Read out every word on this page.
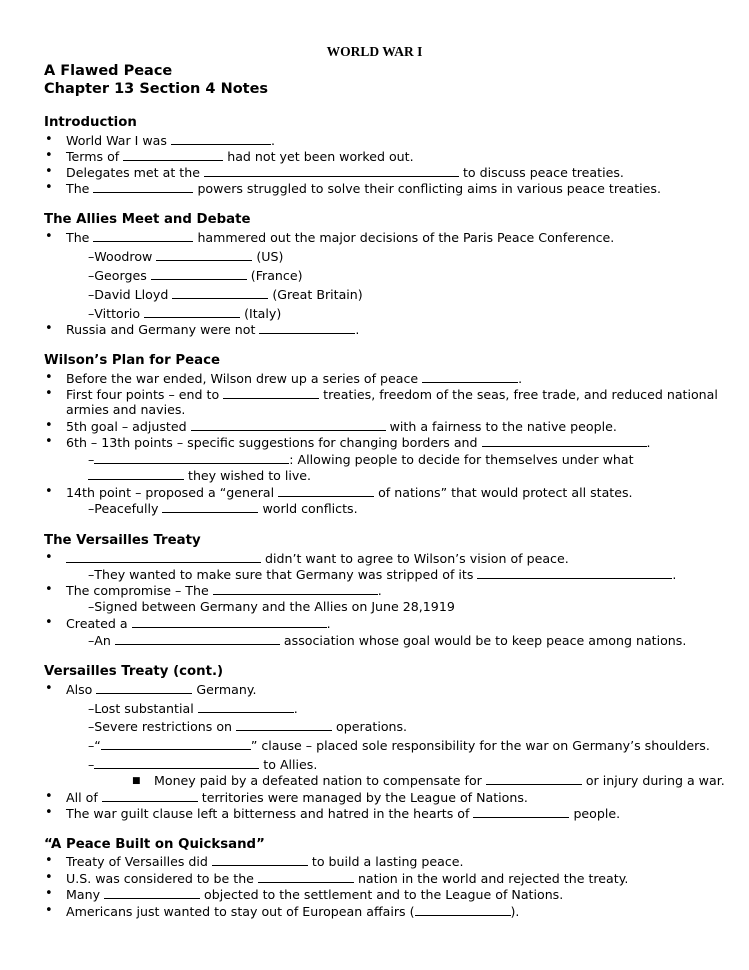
WORLD WAR I
A Flawed Peace
Chapter 13 Section 4 Notes
Introduction
• World War I was	.
• Terms of	had not yet been worked out.
• Delegates met at the	to discuss peace treaties.
• The	powers struggled to solve their conflicting aims in various peace treaties.
The Allies Meet and Debate
• The	hammered out the major decisions of the Paris Peace Conference.
–Woodrow	(US)
–Georges	(France)
–David Lloyd	(Great Britain)
–Vittorio	(Italy)
• Russia and Germany were not	.
Wilson’s Plan for Peace
• Before the war ended, Wilson drew up a series of peace	.
• First four points – end to	treaties, freedom of the seas, free trade, and reduced national
armies and navies.
• 5th goal – adjusted	with a fairness to the native people.
• 6th – 13th points – specific suggestions for changing borders and	.
–	: Allowing people to decide for themselves under what
they wished to live.
• 14th point – proposed a “general	of nations” that would protect all states.
–Peacefully	world conflicts.
The Versailles Treaty
•	didn’t want to agree to Wilson’s vision of peace.
–They wanted to make sure that Germany was stripped of its	.
• The compromise – The	.
–Signed between Germany and the Allies on June 28,1919
• Created a	.
–An	association whose goal would be to keep peace among nations.
Versailles Treaty (cont.)
• Also	Germany.
–Lost substantial	.
–Severe restrictions on	operations.
–“	” clause – placed sole responsibility for the war on Germany’s shoulders.
–	to Allies.
■ Money paid by a defeated nation to compensate for	or injury during a war.
• All of	territories were managed by the League of Nations.
• The war guilt clause left a bitterness and hatred in the hearts of	people.
“A Peace Built on Quicksand”
• Treaty of Versailles did	to build a lasting peace.
• U.S. was considered to be the	nation in the world and rejected the treaty.
• Many	objected to the settlement and to the League of Nations.
• Americans just wanted to stay out of European affairs (	).
